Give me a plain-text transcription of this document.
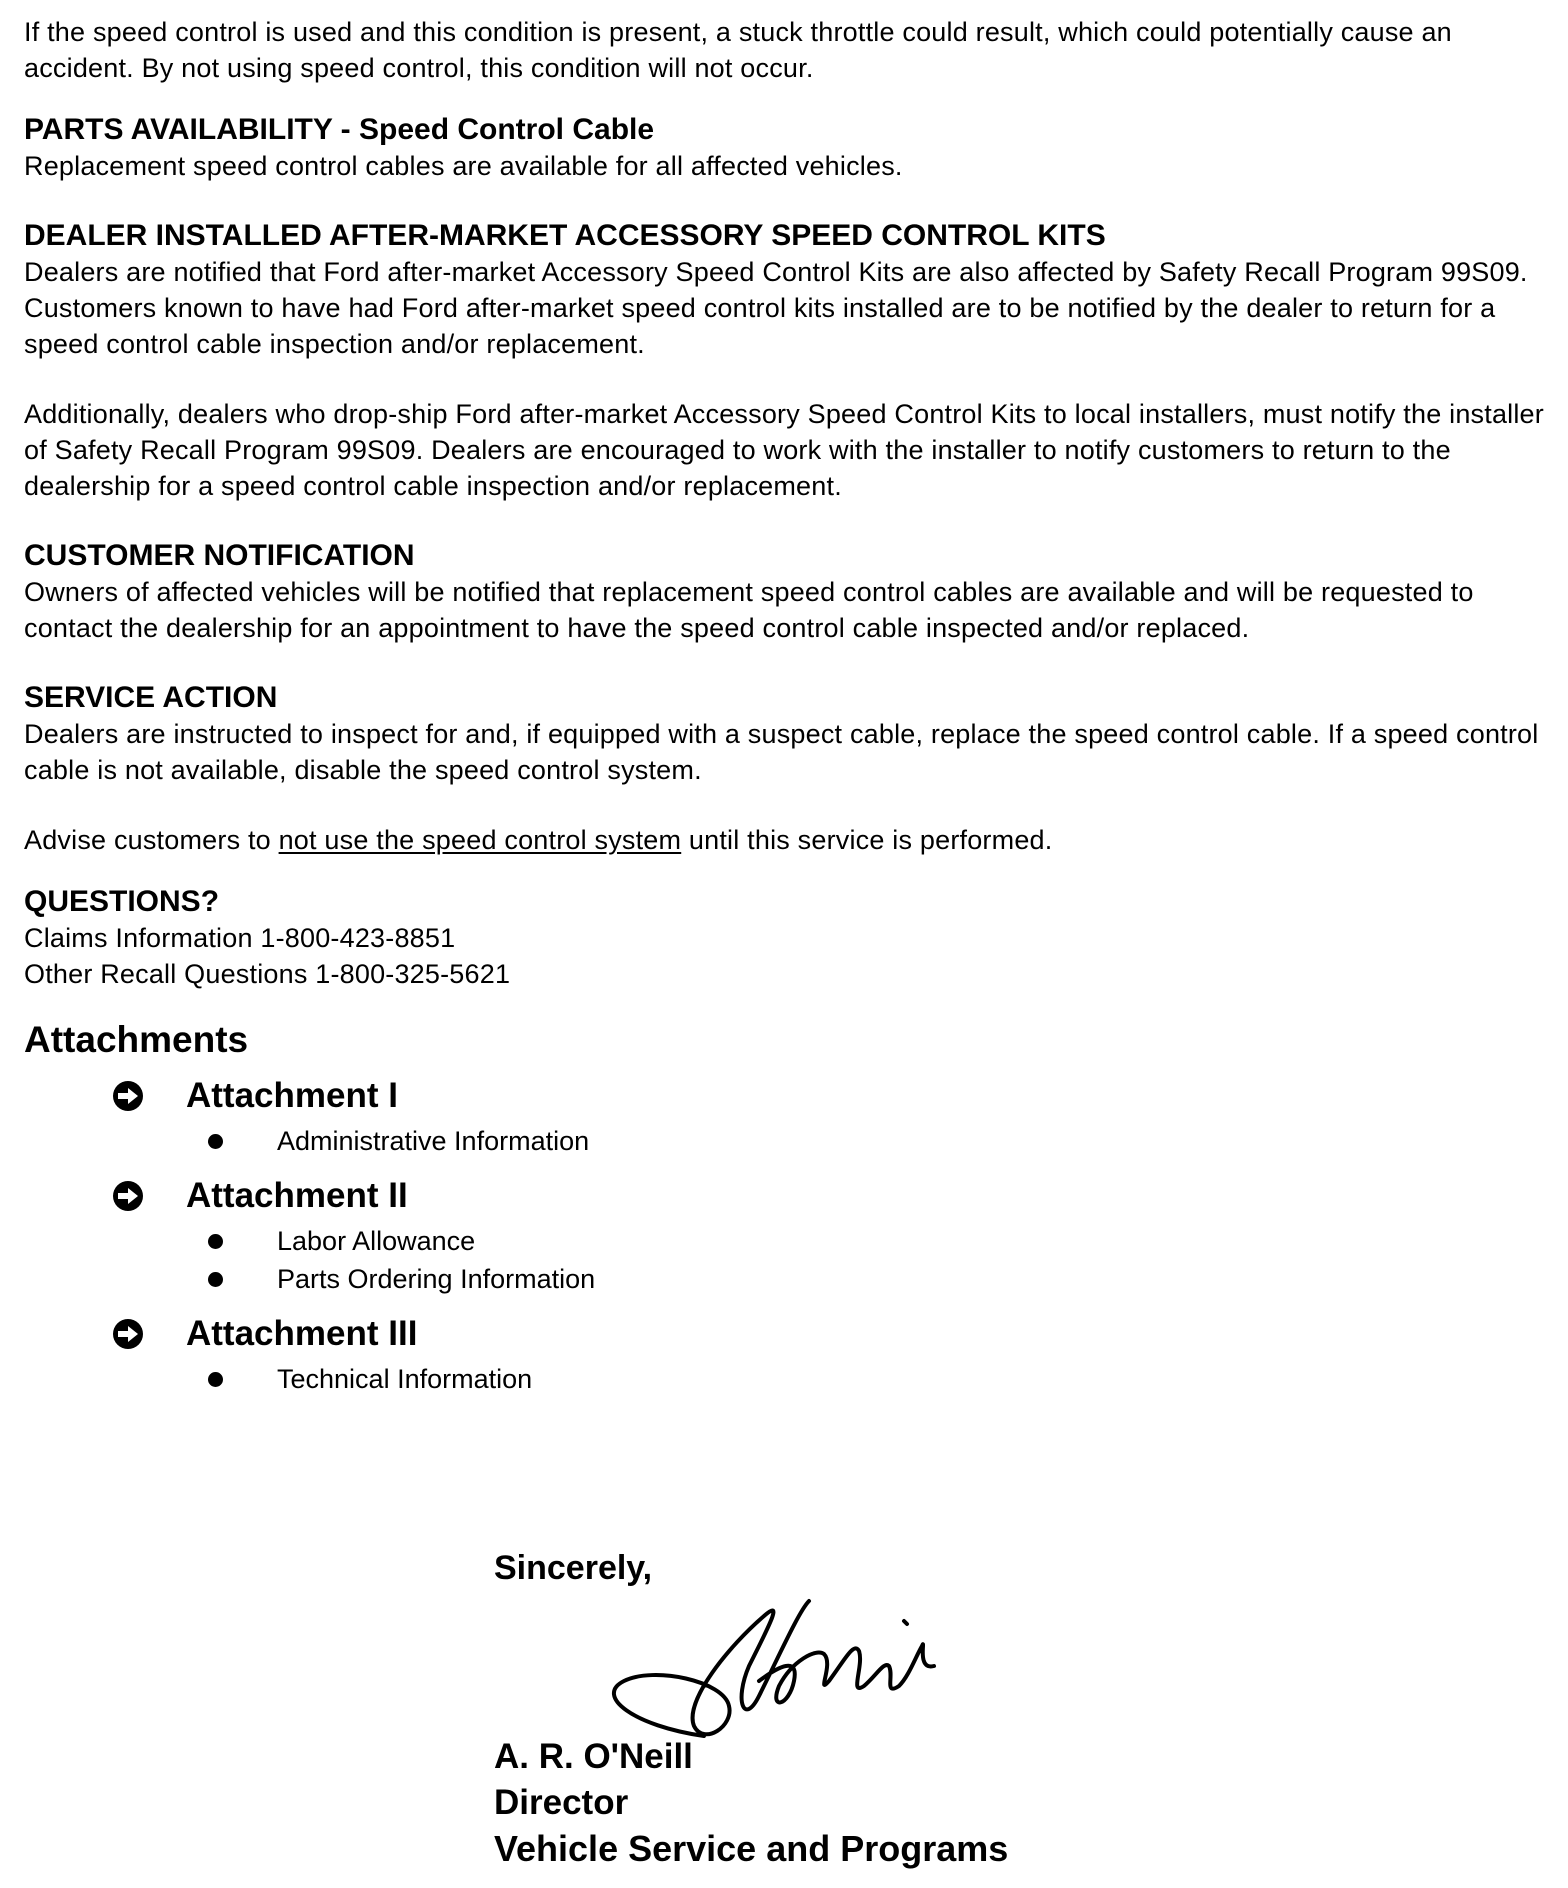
If the speed control is used and this condition is present, a stuck throttle could result, which could potentially cause an accident. By not using speed control, this condition will not occur.

PARTS AVAILABILITY - Speed Control Cable

Replacement speed control cables are available for all affected vehicles.

DEALER INSTALLED AFTER-MARKET ACCESSORY SPEED CONTROL KITS

Dealers are notified that Ford after-market Accessory Speed Control Kits are also affected by Safety Recall Program 99S09. Customers known to have had Ford after-market speed control kits installed are to be notified by the dealer to return for a speed control cable inspection and/or replacement.

Additionally, dealers who drop-ship Ford after-market Accessory Speed Control Kits to local installers, must notify the installer of Safety Recall Program 99S09. Dealers are encouraged to work with the installer to notify customers to return to the dealership for a speed control cable inspection and/or replacement.

CUSTOMER NOTIFICATION

Owners of affected vehicles will be notified that replacement speed control cables are available and will be requested to contact the dealership for an appointment to have the speed control cable inspected and/or replaced.

SERVICE ACTION

Dealers are instructed to inspect for and, if equipped with a suspect cable, replace the speed control cable. If a speed control cable is not available, disable the speed control system.

Advise customers to not use the speed control system until this service is performed.

QUESTIONS?

Claims Information 1-800-423-8851

Other Recall Questions 1-800-325-5621

Attachments

Attachment I
Administrative Information
Attachment II
Labor Allowance
Parts Ordering Information
Attachment III
Technical Information

Sincerely,

A. R. O'Neill

Director

Vehicle Service and Programs
